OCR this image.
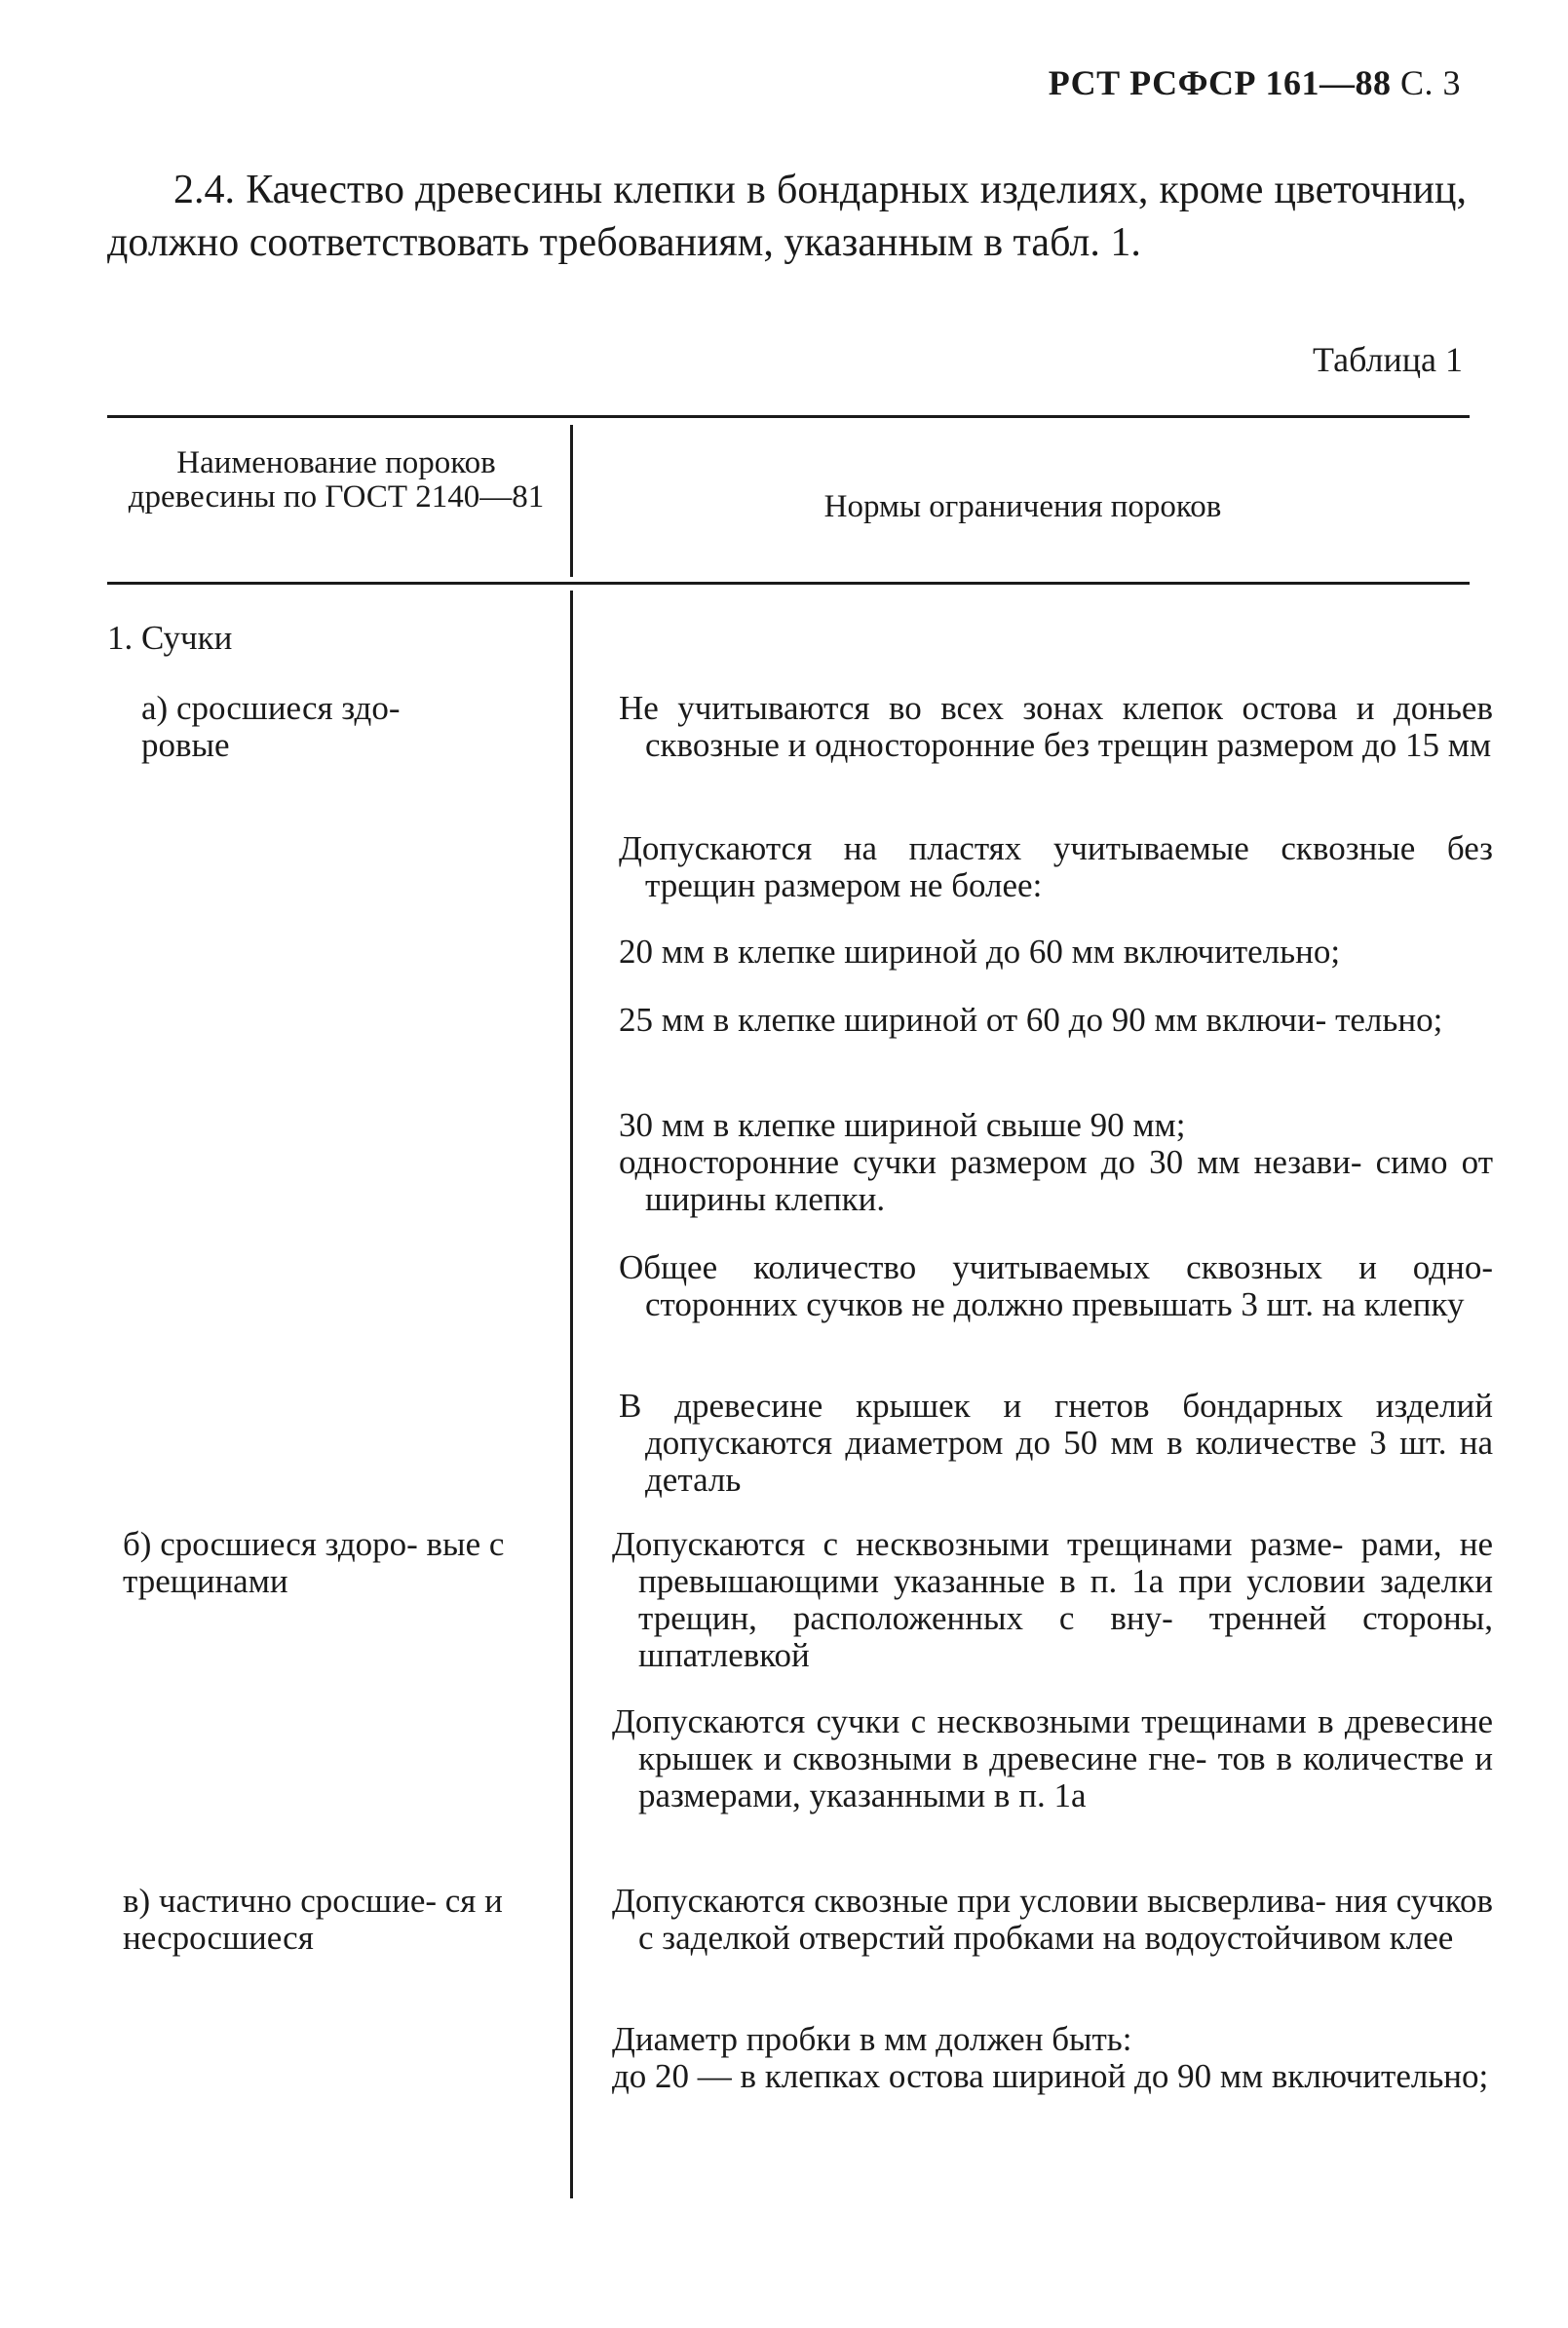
РСТ РСФСР 161—88 С. 3

2.4. Качество древесины клепки в бондарных изделиях, кроме цветочниц, должно соответствовать требованиям, указанным в табл. 1.

Таблица 1
Наименование пороков древесины по ГОСТ 2140—81	Нормы ограничения пороков
1. Сучки
а) сросшиеся здо- ровые
б) сросшиеся здоро- вые с трещинами
в) частично сросшие- ся и несросшиеся
Не учитываются во всех зонах клепок остова и доньев сквозные и односторонние без трещин размером до 15 мм
Допускаются на пластях учитываемые сквозные без трещин размером не более:
20 мм в клепке шириной до 60 мм включительно;
25 мм в клепке шириной от 60 до 90 мм включи- тельно;
30 мм в клепке шириной свыше 90 мм;
односторонние сучки размером до 30 мм незави- симо от ширины клепки.
Общее количество учитываемых сквозных и одно- сторонних сучков не должно превышать 3 шт. на клепку
В древесине крышек и гнетов бондарных изделий допускаются диаметром до 50 мм в количестве 3 шт. на деталь
Допускаются с несквозными трещинами разме- рами, не превышающими указанные в п. 1а при условии заделки трещин, расположенных с вну- тренней стороны, шпатлевкой
Допускаются сучки с несквозными трещинами в древесине крышек и сквозными в древесине гне- тов в количестве и размерами, указанными в п. 1а
Допускаются сквозные при условии высверлива- ния сучков с заделкой отверстий пробками на водоустойчивом клее
Диаметр пробки в мм должен быть:
до 20 — в клепках остова шириной до 90 мм включительно;
